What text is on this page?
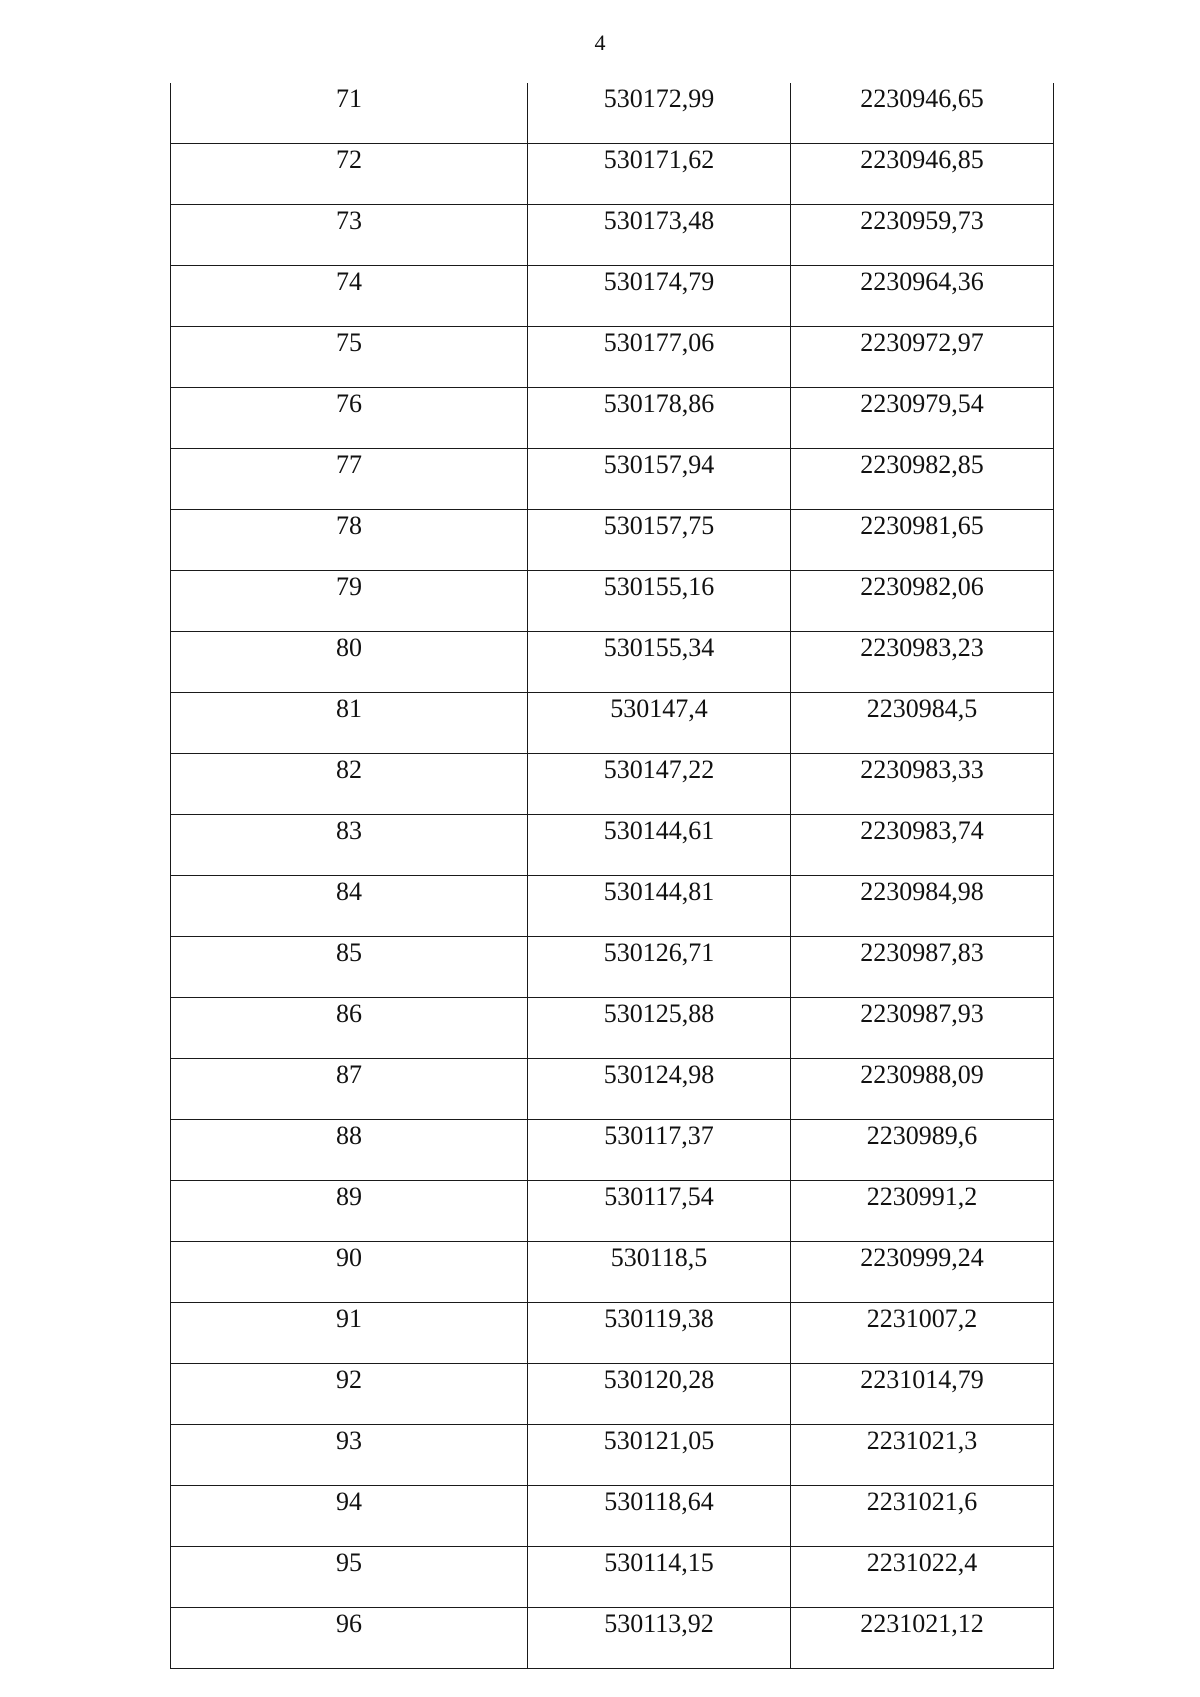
4
71	530172,99	2230946,65
72	530171,62	2230946,85
73	530173,48	2230959,73
74	530174,79	2230964,36
75	530177,06	2230972,97
76	530178,86	2230979,54
77	530157,94	2230982,85
78	530157,75	2230981,65
79	530155,16	2230982,06
80	530155,34	2230983,23
81	530147,4	2230984,5
82	530147,22	2230983,33
83	530144,61	2230983,74
84	530144,81	2230984,98
85	530126,71	2230987,83
86	530125,88	2230987,93
87	530124,98	2230988,09
88	530117,37	2230989,6
89	530117,54	2230991,2
90	530118,5	2230999,24
91	530119,38	2231007,2
92	530120,28	2231014,79
93	530121,05	2231021,3
94	530118,64	2231021,6
95	530114,15	2231022,4
96	530113,92	2231021,12
